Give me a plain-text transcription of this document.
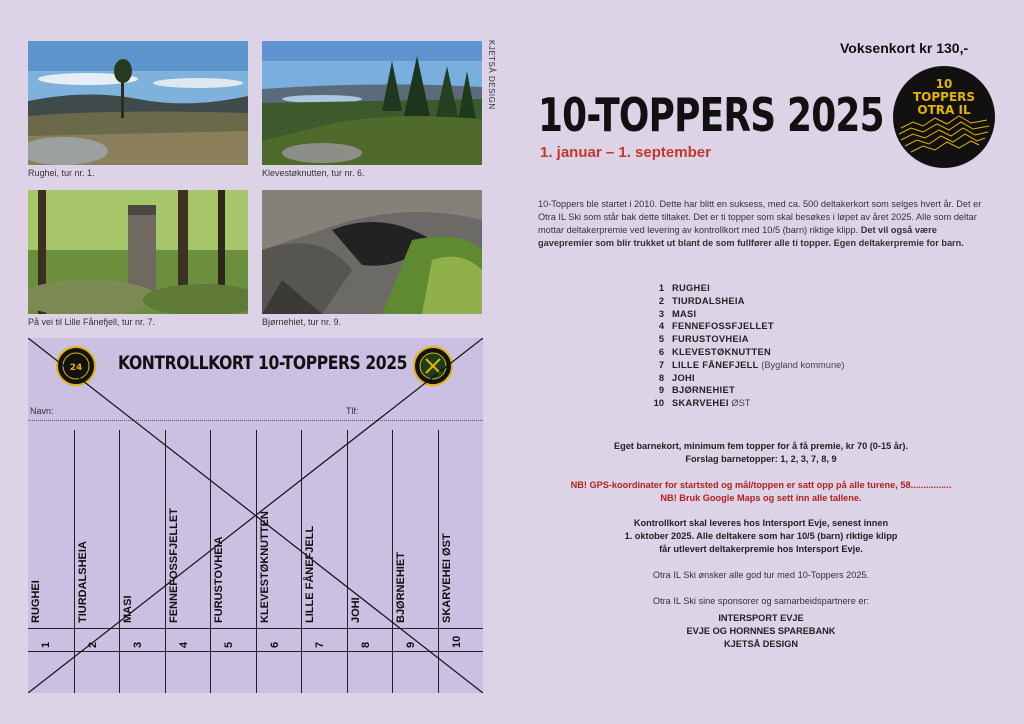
Rughei, tur nr. 1.	Klevestøknutten, tur nr. 6.
På vei til Lille Fånefjell, tur nr. 7.	Bjørnehiet, tur nr. 9.
KJETSÅ DESIGN
24 KONTROLLKORT 10-TOPPERS 2025
Navn:	Tlf:
RUGHEI
1
TIURDALSHEIA
2
MASI
3
FENNEFOSSFJELLET
4
FURUSTOVHEIA
5
KLEVESTØKNUTTEN
6
LILLE FÅNEFJELL
7
JOHI
8
BJØRNEHIET
9
SKARVEHEI ØST
10
Voksenkort kr 130,-
10-TOPPERS 2025
1. januar – 1. september
10
TOPPERS
OTRA IL
10-Toppers ble startet i 2010. Dette har blitt en suksess, med ca. 500 deltakerkort som selges hvert år. Det er Otra IL Ski som står bak dette tiltaket. Det er ti topper som skal besøkes i løpet av året 2025. Alle som deltar mottar deltakerpremie ved levering av kontrollkort med 10/5 (barn) riktige klipp. Det vil også være gavepremier som blir trukket ut blant de som fullfører alle ti topper. Egen deltakerpremie for barn.
1 RUGHEI
2 TIURDALSHEIA
3 MASI
4 FENNEFOSSFJELLET
5 FURUSTOVHEIA
6 KLEVESTØKNUTTEN
7 LILLE FÅNEFJELL (Bygland kommune)
8 JOHI
9 BJØRNEHIET
10 SKARVEHEI ØST
Eget barnekort, minimum fem topper for å få premie, kr 70 (0-15 år).
Forslag barnetopper: 1, 2, 3, 7, 8, 9
NB! GPS-koordinater for startsted og mål/toppen er satt opp på alle turene, 58................
NB! Bruk Google Maps og sett inn alle tallene.
Kontrollkort skal leveres hos Intersport Evje, senest innen
1. oktober 2025. Alle deltakere som har 10/5 (barn) riktige klipp
får utlevert deltakerpremie hos Intersport Evje.
Otra IL Ski ønsker alle god tur med 10-Toppers 2025.
Otra IL Ski sine sponsorer og samarbeidspartnere er:
INTERSPORT EVJE
EVJE OG HORNNES SPAREBANK
KJETSÅ DESIGN
